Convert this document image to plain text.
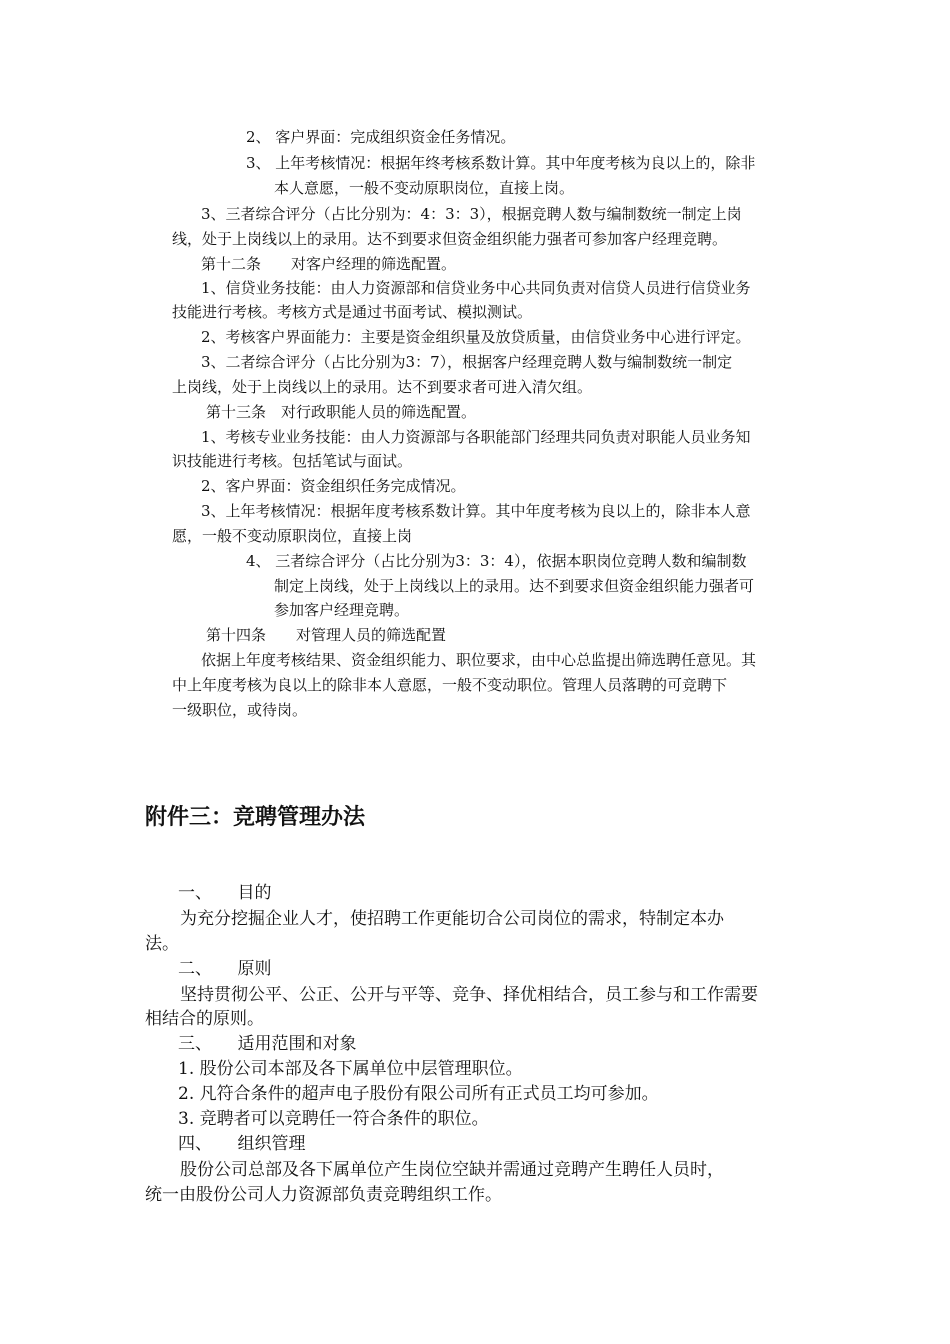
2、 客户界面：完成组织资金任务情况。
3、 上年考核情况：根据年终考核系数计算。其中年度考核为良以上的，除非
本人意愿，一般不变动原职岗位，直接上岗。
3、三者综合评分（占比分别为：4：3：3），根据竞聘人数与编制数统一制定上岗
线，处于上岗线以上的录用。达不到要求但资金组织能力强者可参加客户经理竞聘。
第十二条　　对客户经理的筛选配置。
1、信贷业务技能：由人力资源部和信贷业务中心共同负责对信贷人员进行信贷业务
技能进行考核。考核方式是通过书面考试、模拟测试。
2、考核客户界面能力：主要是资金组织量及放贷质量，由信贷业务中心进行评定。
3、二者综合评分（占比分别为3：7），根据客户经理竞聘人数与编制数统一制定
上岗线，处于上岗线以上的录用。达不到要求者可进入清欠组。
第十三条　对行政职能人员的筛选配置。
1、考核专业业务技能：由人力资源部与各职能部门经理共同负责对职能人员业务知
识技能进行考核。包括笔试与面试。
2、客户界面：资金组织任务完成情况。
3、上年考核情况：根据年度考核系数计算。其中年度考核为良以上的，除非本人意
愿，一般不变动原职岗位，直接上岗
4、 三者综合评分（占比分别为3：3：4），依据本职岗位竞聘人数和编制数
制定上岗线，处于上岗线以上的录用。达不到要求但资金组织能力强者可
参加客户经理竞聘。
第十四条　　对管理人员的筛选配置
依据上年度考核结果、资金组织能力、职位要求，由中心总监提出筛选聘任意见。其
中上年度考核为良以上的除非本人意愿，一般不变动职位。管理人员落聘的可竞聘下
一级职位，或待岗。
附件三：竞聘管理办法
一、　　目的
为充分挖掘企业人才，使招聘工作更能切合公司岗位的需求，特制定本办
法。
二、　　原则
坚持贯彻公平、公正、公开与平等、竞争、择优相结合，员工参与和工作需要
相结合的原则。
三、　　适用范围和对象
1. 股份公司本部及各下属单位中层管理职位。
2. 凡符合条件的超声电子股份有限公司所有正式员工均可参加。
3. 竞聘者可以竞聘任一符合条件的职位。
四、　　组织管理
股份公司总部及各下属单位产生岗位空缺并需通过竞聘产生聘任人员时，
统一由股份公司人力资源部负责竞聘组织工作。
